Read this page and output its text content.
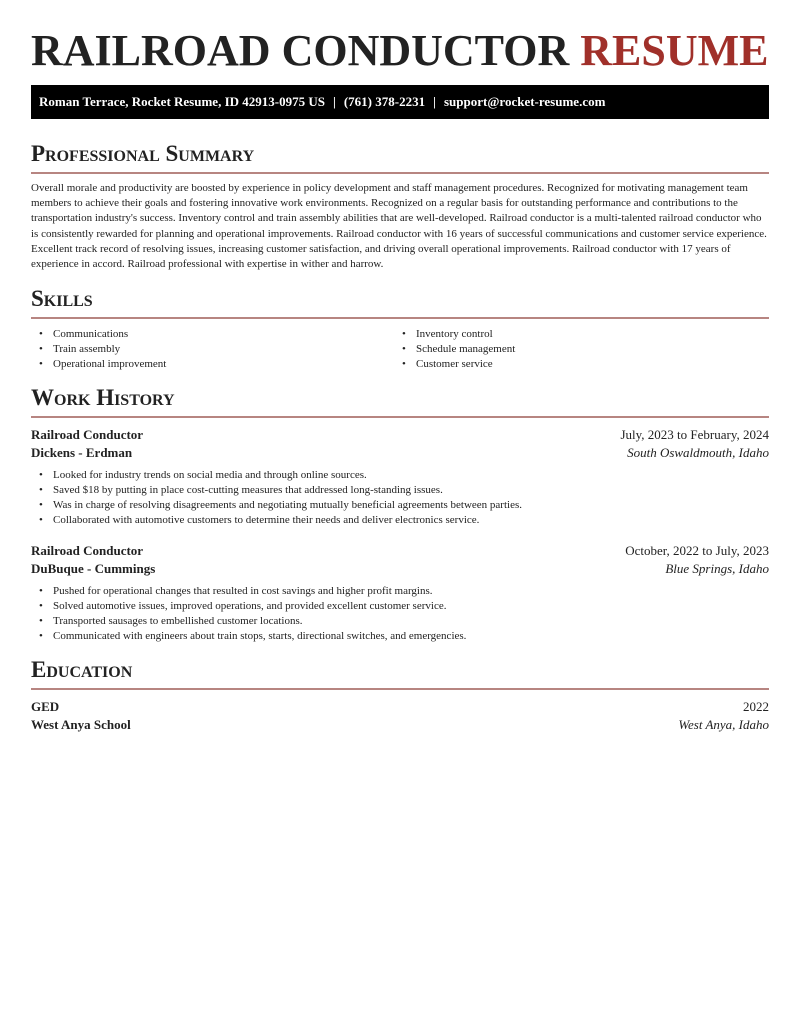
RAILROAD CONDUCTOR RESUME
Roman Terrace, Rocket Resume, ID 42913-0975 US | (761) 378-2231 | support@rocket-resume.com
Professional Summary

Overall morale and productivity are boosted by experience in policy development and staff management procedures. Recognized for motivating management team members to achieve their goals and fostering innovative work environments. Recognized on a regular basis for outstanding performance and contributions to the transportation industry's success. Inventory control and train assembly abilities that are well-developed. Railroad conductor is a multi-talented railroad conductor who is consistently rewarded for planning and operational improvements. Railroad conductor with 16 years of successful communications and customer service experience. Excellent track record of resolving issues, increasing customer satisfaction, and driving overall operational improvements. Railroad conductor with 17 years of experience in accord. Railroad professional with expertise in wither and harrow.

Skills
• Communications
• Train assembly
• Operational improvement
• Inventory control
• Schedule management
• Customer service
Work History
Railroad Conductor	July, 2023 to February, 2024
Dickens - Erdman	South Oswaldmouth, Idaho
• Looked for industry trends on social media and through online sources.
• Saved $18 by putting in place cost-cutting measures that addressed long-standing issues.
• Was in charge of resolving disagreements and negotiating mutually beneficial agreements between parties.
• Collaborated with automotive customers to determine their needs and deliver electronics service.
Railroad Conductor	October, 2022 to July, 2023
DuBuque - Cummings	Blue Springs, Idaho
• Pushed for operational changes that resulted in cost savings and higher profit margins.
• Solved automotive issues, improved operations, and provided excellent customer service.
• Transported sausages to embellished customer locations.
• Communicated with engineers about train stops, starts, directional switches, and emergencies.
Education
GED	2022
West Anya School	West Anya, Idaho
